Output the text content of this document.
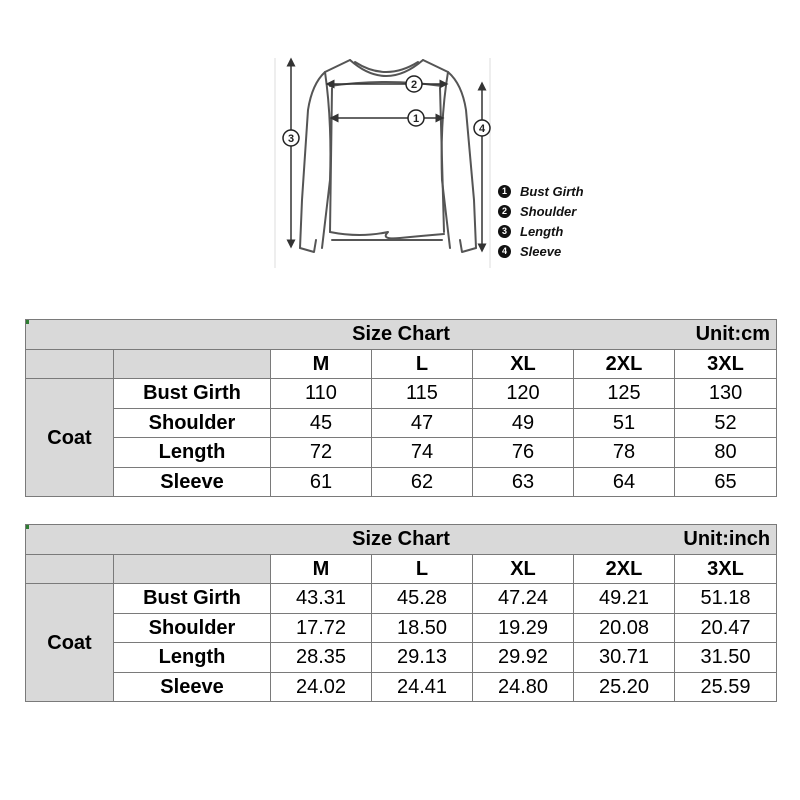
1
2
3
4
1	Bust Girth
2	Shoulder
3	Length
4	Sleeve
Size Chart Unit:cm						

		M	L	XL	2XL	3XL
Coat	Bust Girth	110	115	120	125	130
	Shoulder	45	47	49	51	52
	Length	72	74	76	78	80
	Sleeve	61	62	63	64	65
Size Chart Unit:inch						

		M	L	XL	2XL	3XL
Coat	Bust Girth	43.31	45.28	47.24	49.21	51.18
	Shoulder	17.72	18.50	19.29	20.08	20.47
	Length	28.35	29.13	29.92	30.71	31.50
	Sleeve	24.02	24.41	24.80	25.20	25.59
